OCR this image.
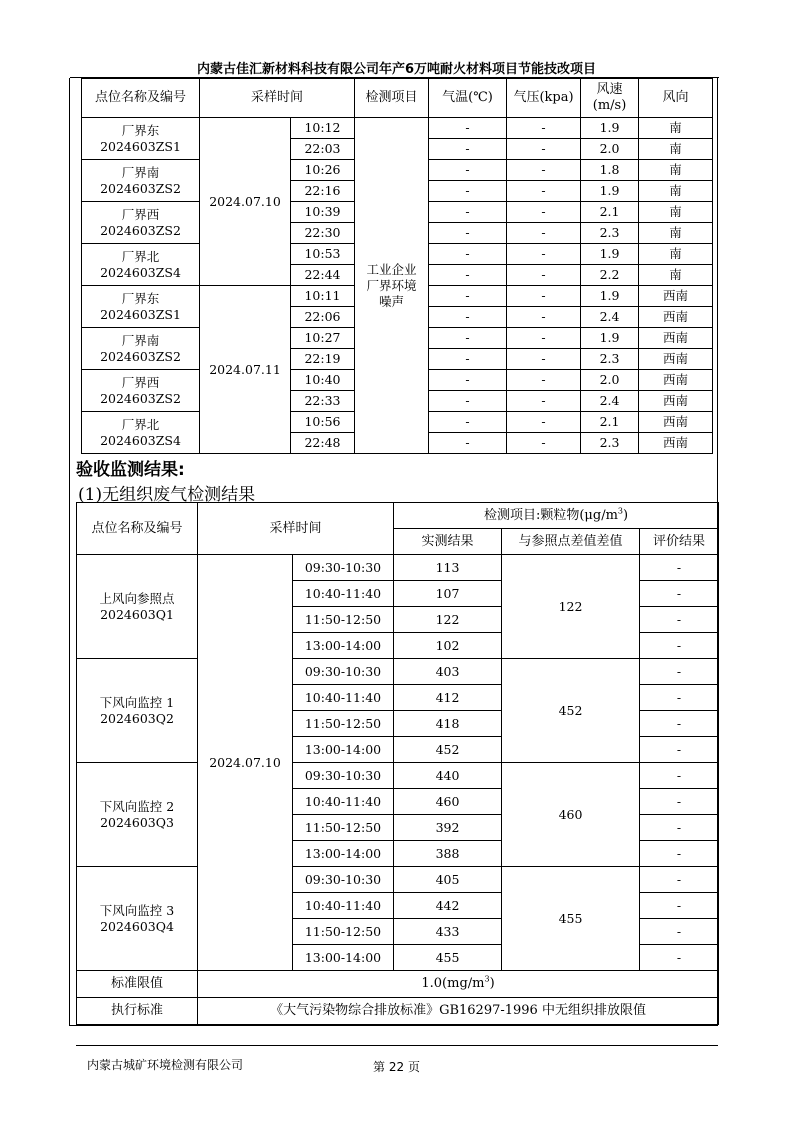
内蒙古佳汇新材料科技有限公司年产6万吨耐火材料项目节能技改项目
点位名称及编号	采样时间		检测项目	气温(℃)	气压(kpa)	风速(m/s)	风向

厂界东
2024603ZS1	2024.07.10	10:12	工业企业厂界环境噪声	-	-	1.9	南
		22:03		-	-	2.0	南

厂界南
2024603ZS2		10:26		-	-	1.8	南
		22:16		-	-	1.9	南

厂界西
2024603ZS2		10:39		-	-	2.1	南
		22:30		-	-	2.3	南

厂界北
2024603ZS4		10:53		-	-	1.9	南
		22:44		-	-	2.2	南

厂界东
2024603ZS1	2024.07.11	10:11		-	-	1.9	西南
		22:06		-	-	2.4	西南

厂界南
2024603ZS2		10:27		-	-	1.9	西南
		22:19		-	-	2.3	西南

厂界西
2024603ZS2		10:40		-	-	2.0	西南
		22:33		-	-	2.4	西南

厂界北
2024603ZS4		10:56		-	-	2.1	西南
		22:48		-	-	2.3	西南
验收监测结果:
(1)无组织废气检测结果
点位名称及编号	采样时间		检测项目:颗粒物$(\mu g/m^3)$		
			实测结果	与参照点差值差值	评价结果

上风向参照点
2024603Q1	2024.07.10	09:30-10:30	113	122	-
		10:40-11:40	107		-
		11:50-12:50	122		-
		13:00-14:00	102		-

下风向监控 1
2024603Q2		09:30-10:30	403	452	-
		10:40-11:40	412		-
		11:50-12:50	418		-
		13:00-14:00	452		-

下风向监控 2
2024603Q3		09:30-10:30	440	460	-
		10:40-11:40	460		-
		11:50-12:50	392		-
		13:00-14:00	388		-

下风向监控 3
2024603Q4		09:30-10:30	405	455	-
		10:40-11:40	442		-
		11:50-12:50	433		-
		13:00-14:00	455		-
标准限值	$1.0(mg/m^3)$				
执行标准	《大气污染物综合排放标准》GB16297-1996 中无组织排放限值				
内蒙古城矿环境检测有限公司	第 22 页
